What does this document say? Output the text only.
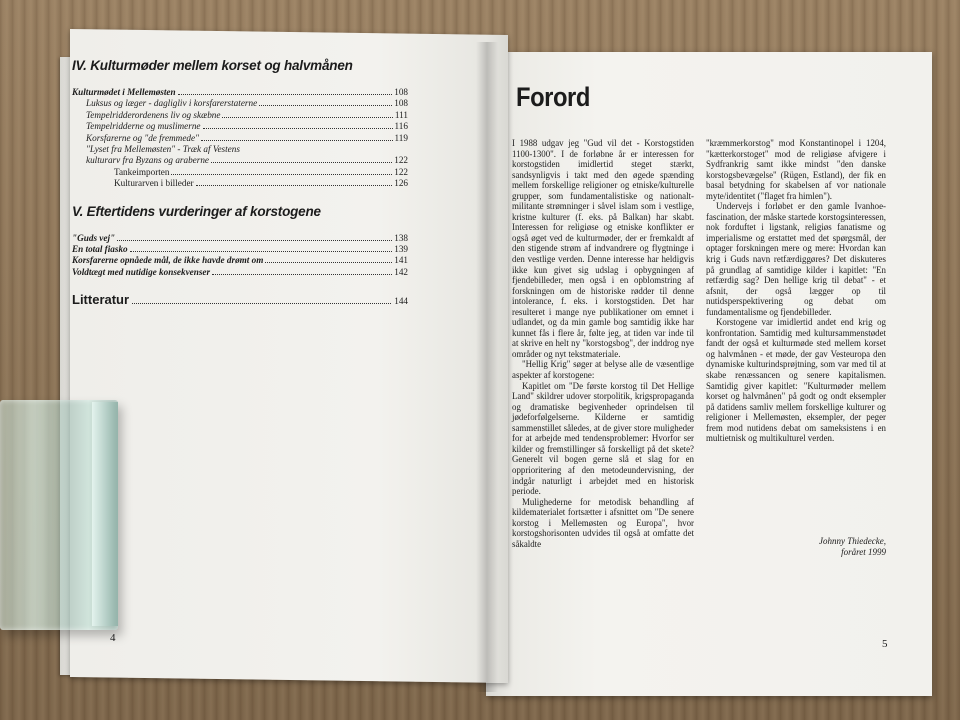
IV. Kulturmøder mellem korset og halvmånen
Kulturmødet i Mellemøsten	108
Luksus og læger - dagligliv i korsfarerstaterne	108
Tempelridderordenens liv og skæbne	111
Tempelridderne og muslimerne	116
Korsfarerne og "de fremmede"	119
"Lyset fra Mellemøsten" - Træk af Vestens
kulturarv fra Byzans og araberne	122
Tankeimporten	122
Kulturarven i billeder	126
V. Eftertidens vurderinger af korstogene
"Guds vej"	138
En total fiasko	139
Korsfarerne opnåede mål, de ikke havde drømt om	141
Voldtægt med nutidige konsekvenser	142
Litteratur	144
4
Forord

I 1988 udgav jeg "Gud vil det - Korstogstiden 1100-1300". I de forløbne år er interessen for korstogstiden imidlertid steget stærkt, sandsynligvis i takt med den øgede spænding mellem forskellige religioner og etniske/kulturelle grupper, som fundamentalistiske og nationalt-militante strømninger i såvel islam som i vestlige, kristne kulturer (f. eks. på Balkan) har skabt. Interessen for religiøse og etniske konflikter er også øget ved de kulturmøder, der er fremkaldt af den stigende strøm af indvandrere og flygtninge i den vestlige verden. Denne interesse har heldigvis ikke kun givet sig udslag i opbygningen af fjendebilleder, men også i en opblomstring af forskningen om de historiske rødder til denne intolerance, f. eks. i korstogstiden. Det har resulteret i mange nye publikationer om emnet i udlandet, og da min gamle bog samtidig ikke har kunnet fås i flere år, følte jeg, at tiden var inde til at skrive en helt ny "korstogsbog", der inddrog nye områder og nyt tekstmateriale.

"Hellig Krig" søger at belyse alle de væsentlige aspekter af korstogene:

Kapitlet om "De første korstog til Det Hellige Land" skildrer udover storpolitik, krigspropaganda og dramatiske begivenheder oprindelsen til jødeforfølgelserne. Kilderne er samtidig sammenstillet således, at de giver store muligheder for at arbejde med tendensproblemer: Hvorfor ser kilder og fremstillinger så forskelligt på det skete? Generelt vil bogen gerne slå et slag for en opprioritering af den metodeundervisning, der indgår naturligt i arbejdet med en historisk periode.

Mulighederne for metodisk behandling af kildematerialet fortsætter i afsnittet om "De senere korstog i Mellemøsten og Europa", hvor korstogshorisonten udvides til også at omfatte det såkaldte

"kræmmerkorstog" mod Konstantinopel i 1204, "kætterkorstoget" mod de religiøse afvigere i Sydfrankrig samt ikke mindst "den danske korstogsbevægelse" (Rügen, Estland), der fik en basal betydning for skabelsen af vor nationale myte/identitet ("flaget fra himlen").

Undervejs i forløbet er den gamle Ivanhoe-fascination, der måske startede korstogsinteressen, nok forduftet i ligstank, religiøs fanatisme og imperialisme og erstattet med det spørgsmål, der optager forskningen mere og mere: Hvordan kan krig i Guds navn retfærdiggøres? Det diskuteres på grundlag af samtidige kilder i kapitlet: "En retfærdig sag? Den hellige krig til debat" - et afsnit, der også lægger op til nutidsperspektivering og debat om fundamentalisme og fjendebilleder.

Korstogene var imidlertid andet end krig og konfrontation. Samtidig med kultursammenstødet fandt der også et kulturmøde sted mellem korset og halvmånen - et møde, der gav Vesteuropa den dynamiske kulturindsprøjtning, som var med til at skabe renæssancen og senere kapitalismen. Samtidig giver kapitlet: "Kulturmøder mellem korset og halvmånen" på godt og ondt eksempler på datidens samliv mellem forskellige kulturer og religioner i Mellemøsten, eksempler, der peger frem mod nutidens debat om sameksistens i en multietnisk og multikulturel verden.

Johnny Thiedecke,
foråret 1999
5
